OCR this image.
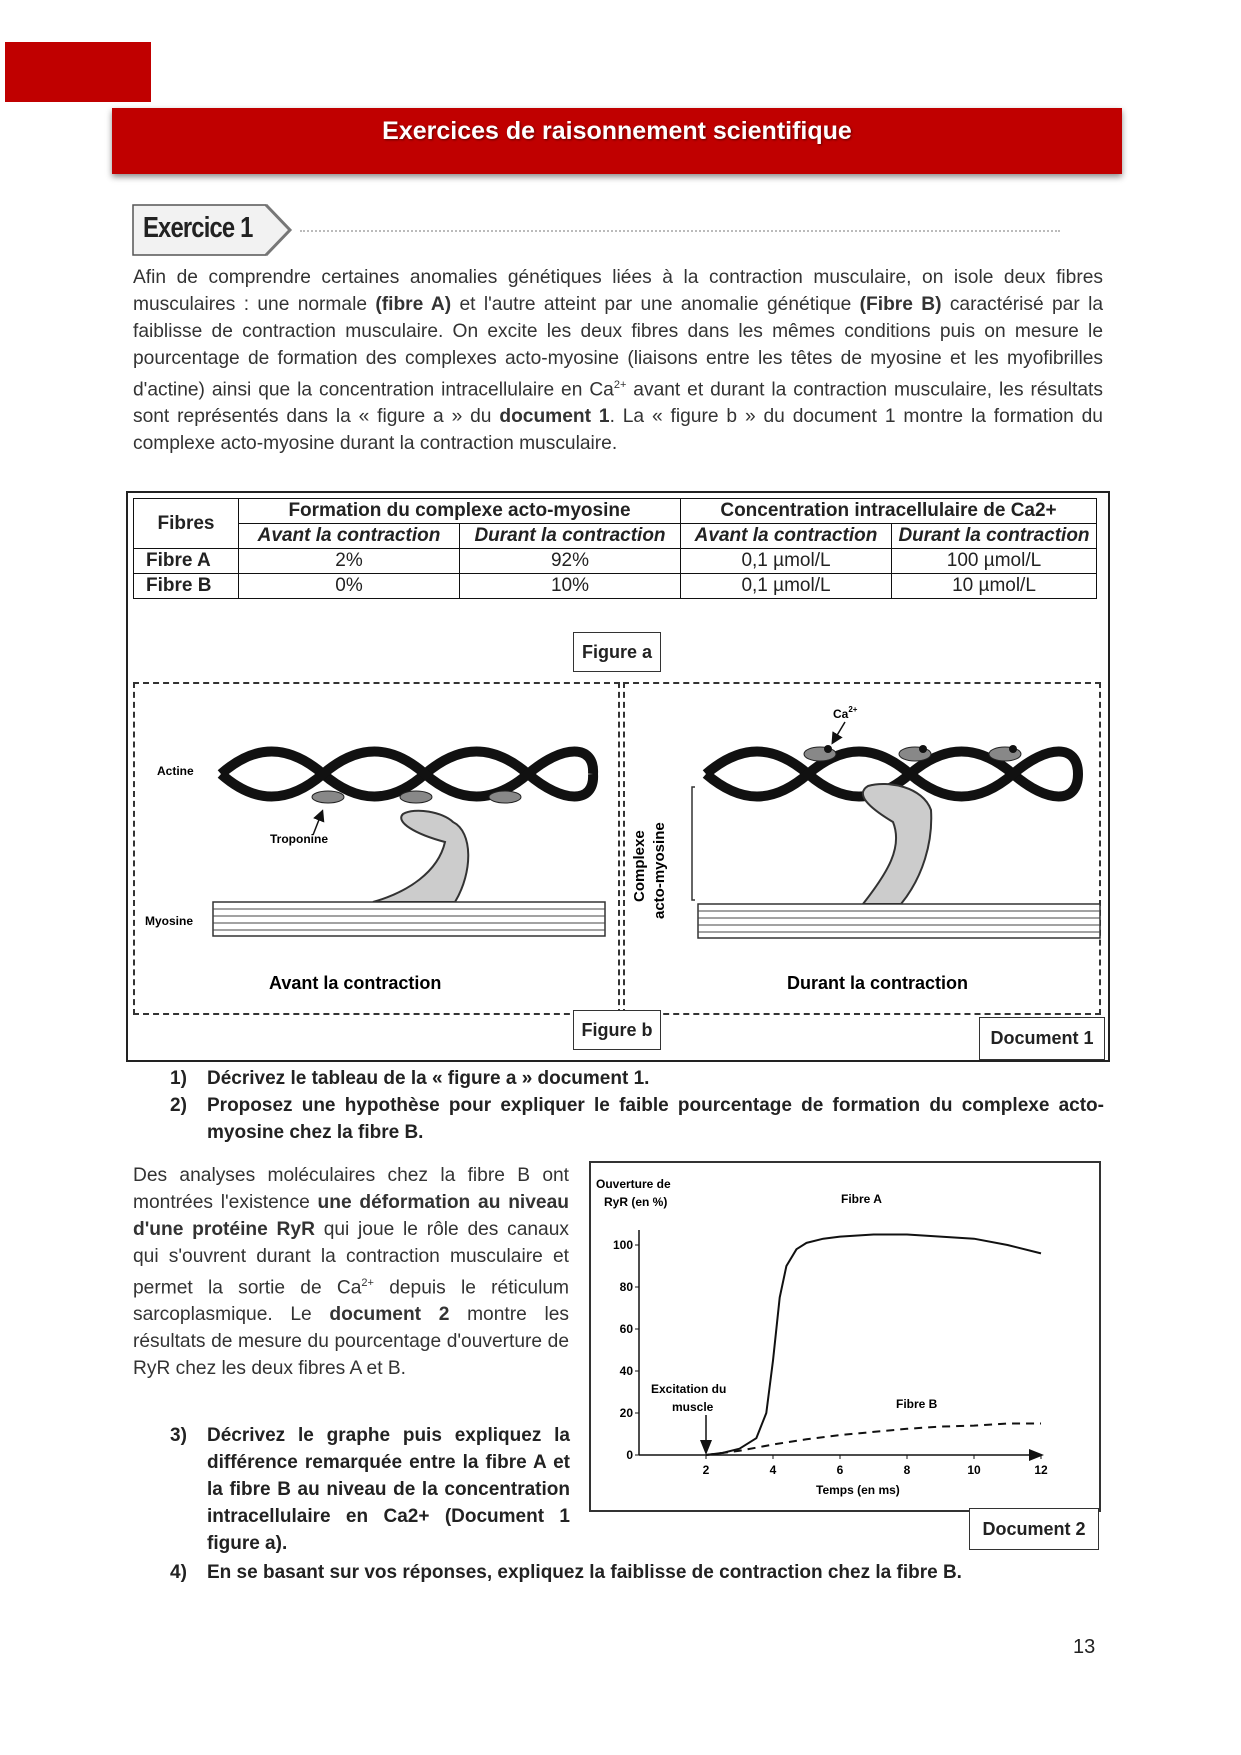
Exercices de raisonnement scientifique
Exercice 1
Afin de comprendre certaines anomalies génétiques liées à la contraction musculaire, on isole deux fibres musculaires : une normale (fibre A) et l'autre atteint par une anomalie génétique (Fibre B) caractérisé par la faiblisse de contraction musculaire. On excite les deux fibres dans les mêmes conditions puis on mesure le pourcentage de formation des complexes acto-myosine (liaisons entre les têtes de myosine et les myofibrilles d'actine) ainsi que la concentration intracellulaire en $Ca^{2+}$ avant et durant la contraction musculaire, les résultats sont représentés dans la « figure a » du document 1. La « figure b » du document 1 montre la formation du complexe acto-myosine durant la contraction musculaire.
Fibres	Formation du complexe acto-myosine		Concentration intracellulaire de Ca2+	
	Avant la contraction	Durant la contraction	Avant la contraction	Durant la contraction
Fibre A	2%	92%	0,1 µmol/L	100 µmol/L
Fibre B	0%	10%	0,1 µmol/L	10 µmol/L
Figure a
Actine
Troponine
Myosine
$Ca^{2+}$
Complexe acto-myosine
Avant la contraction	Durant la contraction
Figure b	Document 1
1) Décrivez le tableau de la « figure a » document 1.
2) Proposez une hypothèse pour expliquer le faible pourcentage de formation du complexe acto-myosine chez la fibre B.
Des analyses moléculaires chez la fibre B ont montrées l'existence une déformation au niveau d'une protéine RyR qui joue le rôle des canaux qui s'ouvrent durant la contraction musculaire et permet la sortie de $Ca^{2+}$ depuis le réticulum sarcoplasmique. Le document 2 montre les résultats de mesure du pourcentage d'ouverture de RyR chez les deux fibres A et B.
3) Décrivez le graphe puis expliquez la différence remarquée entre la fibre A et la fibre B au niveau de la concentration intracellulaire en Ca2+ (Document 1 figure a).
0
20
40
60
80
100
2	4	6	8	10	12
Ouverture de
RyR (en %)
Temps (en ms)
Excitation du
muscle
Fibre A
Fibre B
Document 2
4) En se basant sur vos réponses, expliquez la faiblisse de contraction chez la fibre B.
13
